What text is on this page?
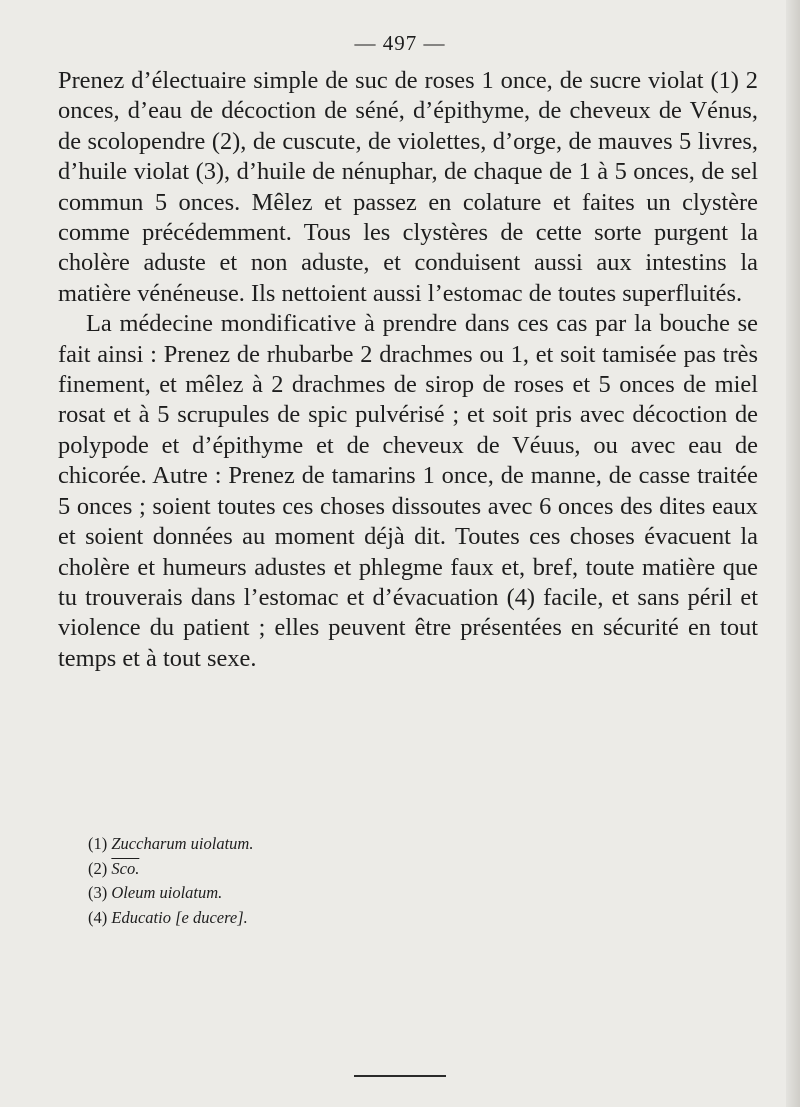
— 497 —

Prenez d’électuaire simple de suc de roses 1 once, de sucre violat (1) 2 onces, d’eau de décoction de séné, d’épithyme, de cheveux de Vénus, de scolopendre (2), de cuscute, de violettes, d’orge, de mauves 5 livres, d’huile violat (3), d’huile de nénuphar, de chaque de 1 à 5 onces, de sel commun 5 onces. Mêlez et passez en colature et faites un clystère comme précédemment. Tous les clystères de cette sorte purgent la cholère aduste et non aduste, et conduisent aussi aux intestins la matière vénéneuse. Ils nettoient aussi l’estomac de toutes superfluités.

La médecine mondificative à prendre dans ces cas par la bouche se fait ainsi : Prenez de rhubarbe 2 drachmes ou 1, et soit tamisée pas très finement, et mêlez à 2 drachmes de sirop de roses et 5 onces de miel rosat et à 5 scrupules de spic pulvérisé ; et soit pris avec décoction de polypode et d’épithyme et de cheveux de Véuus, ou avec eau de chicorée. Autre : Prenez de tamarins 1 once, de manne, de casse traitée 5 onces ; soient toutes ces choses dissoutes avec 6 onces des dites eaux et soient données au moment déjà dit. Toutes ces choses évacuent la cholère et humeurs adustes et phlegme faux et, bref, toute matière que tu trouverais dans l’estomac et d’évacuation (4) facile, et sans péril et violence du patient ; elles peuvent être présentées en sécurité en tout temps et à tout sexe.

(1) Zuccharum uiolatum.
(2) Sco.
(3) Oleum uiolatum.
(4) Educatio [e ducere].
